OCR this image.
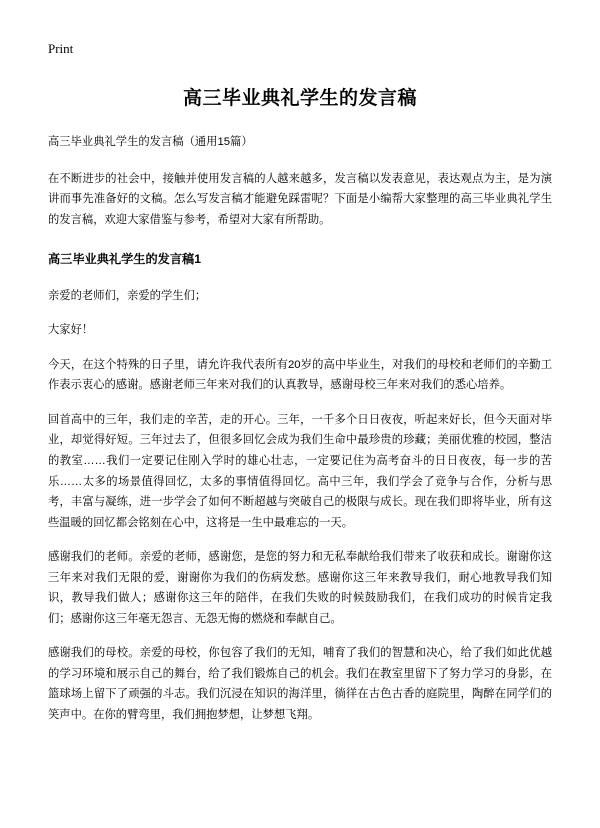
Print
高三毕业典礼学生的发言稿

高三毕业典礼学生的发言稿（通用15篇）

在不断进步的社会中，接触并使用发言稿的人越来越多，发言稿以发表意见，表达观点为主，是为演讲而事先准备好的文稿。怎么写发言稿才能避免踩雷呢？下面是小编帮大家整理的高三毕业典礼学生的发言稿，欢迎大家借鉴与参考，希望对大家有所帮助。

高三毕业典礼学生的发言稿1

亲爱的老师们，亲爱的学生们；

大家好！

今天，在这个特殊的日子里，请允许我代表所有20岁的高中毕业生，对我们的母校和老师们的辛勤工作表示衷心的感谢。感谢老师三年来对我们的认真教导，感谢母校三年来对我们的悉心培养。

回首高中的三年，我们走的辛苦，走的开心。三年，一千多个日日夜夜，听起来好长，但今天面对毕业，却觉得好短。三年过去了，但很多回忆会成为我们生命中最珍贵的珍藏；美丽优雅的校园，整洁的教室……我们一定要记住刚入学时的雄心壮志，一定要记住为高考奋斗的日日夜夜，每一步的苦乐……太多的场景值得回忆，太多的事情值得回忆。高中三年，我们学会了竞争与合作，分析与思考，丰富与凝练，进一步学会了如何不断超越与突破自己的极限与成长。现在我们即将毕业，所有这些温暖的回忆都会铭刻在心中，这将是一生中最难忘的一天。

感谢我们的老师。亲爱的老师，感谢您，是您的努力和无私奉献给我们带来了收获和成长。谢谢你这三年来对我们无限的爱，谢谢你为我们的伤病发愁。感谢你这三年来教导我们，耐心地教导我们知识，教导我们做人；感谢你这三年的陪伴，在我们失败的时候鼓励我们，在我们成功的时候肯定我们；感谢你这三年毫无怨言、无怨无悔的燃烧和奉献自己。

感谢我们的母校。亲爱的母校，你包容了我们的无知，哺育了我们的智慧和决心，给了我们如此优越的学习环境和展示自己的舞台，给了我们锻炼自己的机会。我们在教室里留下了努力学习的身影，在篮球场上留下了顽强的斗志。我们沉浸在知识的海洋里，徜徉在古色古香的庭院里，陶醉在同学们的笑声中。在你的臂弯里，我们拥抱梦想，让梦想飞翔。
